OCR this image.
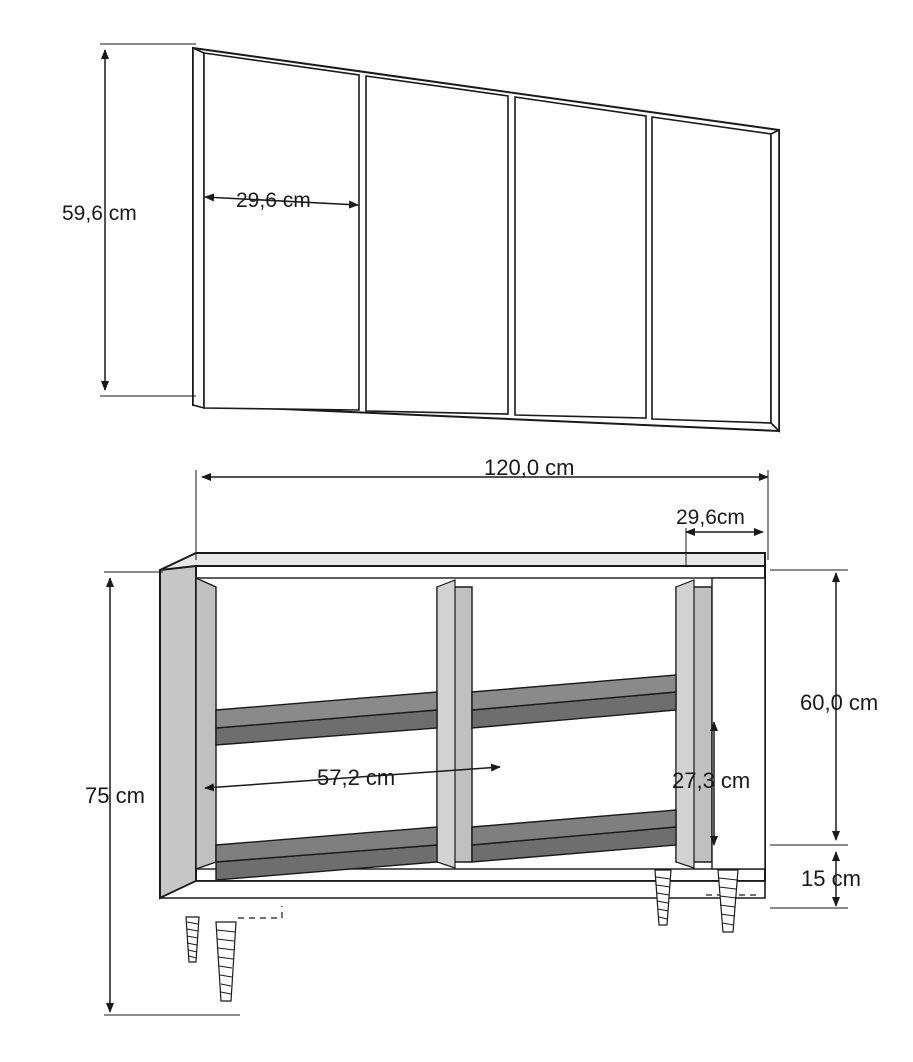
59,6 cm
29,6 cm
120,0 cm
29,6cm
60,0 cm
75 cm
15 cm
57,2 cm	27,3 cm
